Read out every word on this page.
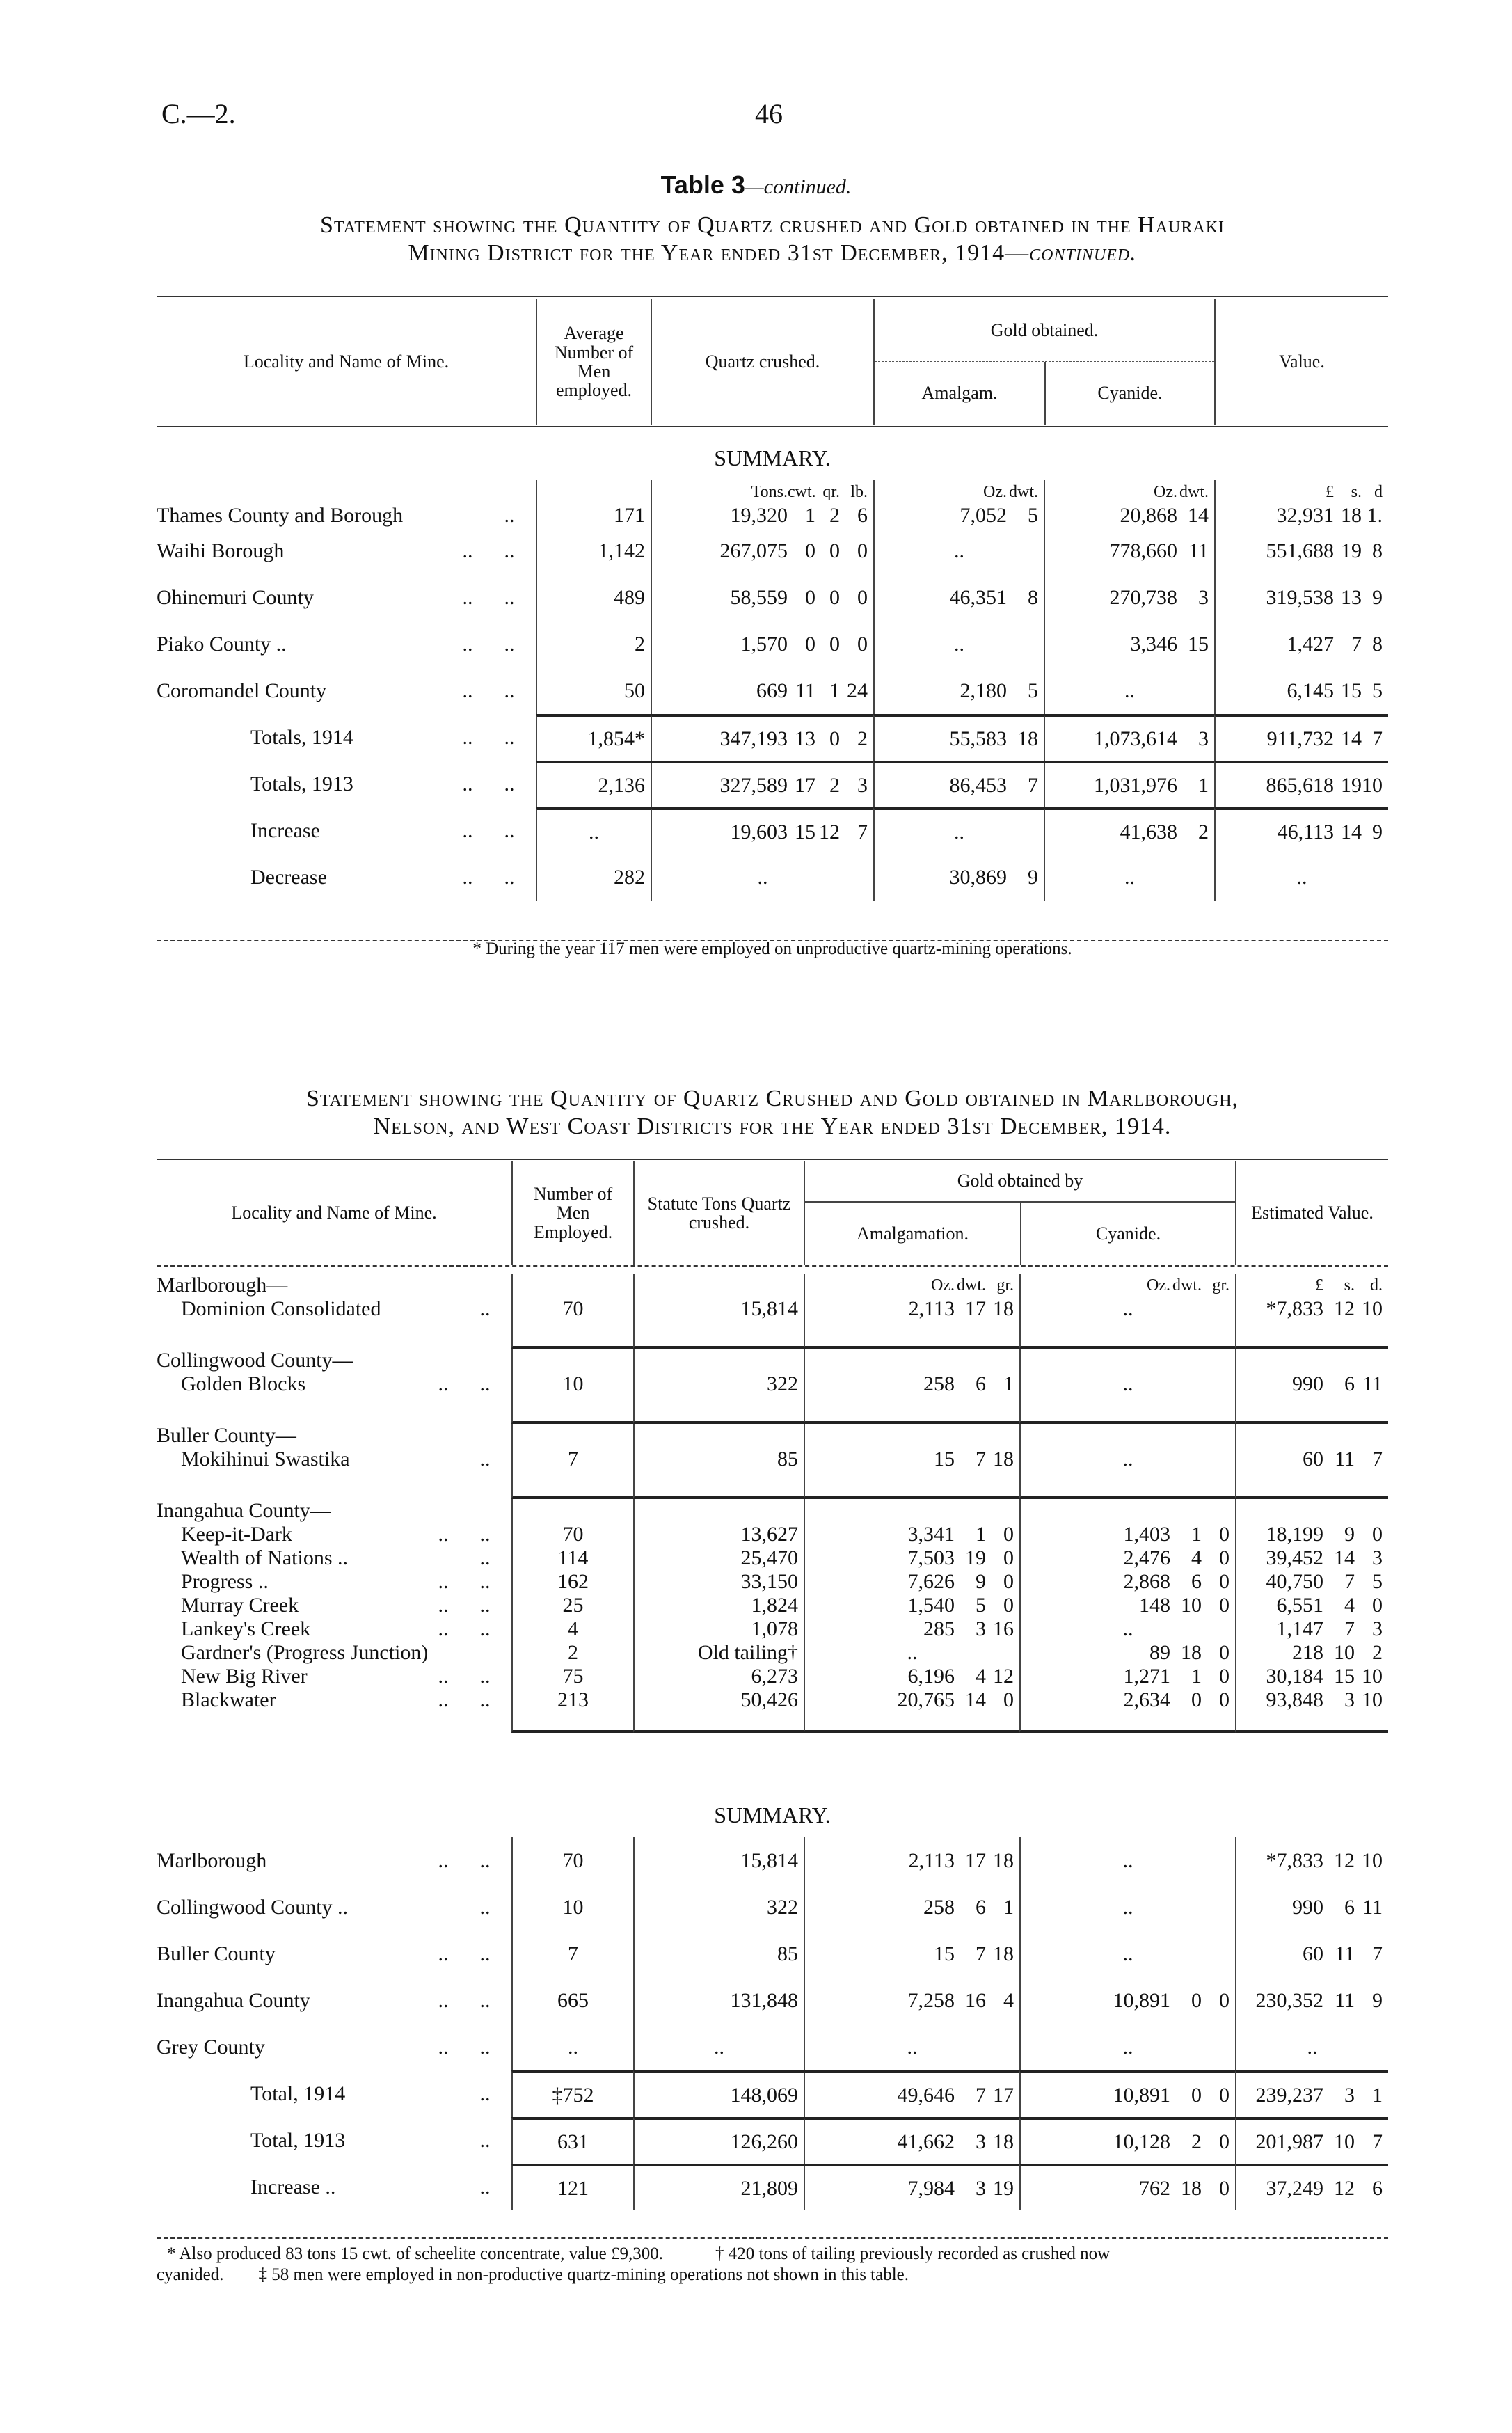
C.—2.	46
Table 3—continued.
Statement showing the Quantity of Quartz crushed and Gold obtained in the Hauraki
Mining District for the Year ended 31st December, 1914—continued.
Locality and Name of Mine.
Average Number of Men employed.
Quartz crushed.
Gold obtained.
Amalgam.	Cyanide.
Value.
SUMMARY.
Tons. cwt. qr. lb.	Oz. dwt.	Oz. dwt.	£	s. d
Thames County and Borough	..	171	19,320 1 2 6	7,052	5	20,868 14	32,931 18 1.
Waihi Borough	..	..	1,142	267,075 0 0 0	..	778,660 11	551,688 19 8
Ohinemuri County	..	..	489	58,559 0 0 0	46,351	8	270,738	3	319,538 13 9
Piako County ..	..	..	2	1,570 0 0 0	..	3,346 15	1,427 7 8
Coromandel County	..	..	50	669 11 1 24	2,180	5	..	6,145 15 5
Totals, 1914	..	..	1,854*	347,193 13 0 2	55,583 18	1,073,614	3	911,732 14 7
Totals, 1913	..	..	2,136	327,589 17 2 3	86,453	7	1,031,976	1	865,618 19 10
Increase	..	..	..	19,603 15 12 7	..	41,638	2	46,113 14 9
Decrease	..	..	282	..	30,869	9	..	..
* During the year 117 men were employed on unproductive quartz-mining operations.
Statement showing the Quantity of Quartz Crushed and Gold obtained in Marlborough,
Nelson, and West Coast Districts for the Year ended 31st December, 1914.
Locality and Name of Mine.
Number of Men Employed.
Statute Tons Quartz crushed.
Gold obtained by
Amalgamation.	Cyanide.
Estimated Value.
Marlborough—	Oz. dwt. gr.	Oz. dwt. gr.	£	s. d.
Dominion Consolidated	..	70	15,814	2,113 17 18	..	*7,833 12 10
Collingwood County—
Golden Blocks	..	..	10	322	258	6 1	..	990	6 11
Buller County—
Mokihinui Swastika	..	7	85	15	7 18	..	60 11 7
Inangahua County—
Keep-it-Dark	..	..	70	13,627	3,341	1 0	1,403	1 0	18,199	9 0
Wealth of Nations ..	..	114	25,470	7,503 19 0	2,476	4 0	39,452 14 3
Progress ..	..	..	162	33,150	7,626	9 0	2,868	6 0	40,750	7 5
Murray Creek	..	..	25	1,824	1,540	5 0	148 10 0	6,551	4 0
Lankey's Creek	..	..	4	1,078	285	3 16	..	1,147	7 3
Gardner's (Progress Junction)	2	Old tailing†	..	89 18 0	218 10 2
New Big River	..	..	75	6,273	6,196	4 12	1,271	1 0	30,184 15 10
Blackwater	..	..	213	50,426	20,765 14 0	2,634	0 0	93,848	3 10
SUMMARY.
Marlborough	..	..	70	15,814	2,113 17 18	..	*7,833 12 10
Collingwood County ..	..	10	322	258	6 1	..	990	6 11
Buller County	..	..	7	85	15	7 18	..	60 11 7
Inangahua County	..	..	665	131,848	7,258 16 4	10,891	0 0	230,352 11 9
Grey County	..	..	..	..	..	..	..
Total, 1914	..	‡752	148,069	49,646	7 17	10,891	0 0	239,237	3 1
Total, 1913	..	631	126,260	41,662	3 18	10,128	2 0	201,987 10 7
Increase ..	..	121	21,809	7,984	3 19	762 18 0	37,249 12 6
* Also produced 83 tons 15 cwt. of scheelite concentrate, value £9,300.            † 420 tons of tailing previously recorded as crushed now
cyanided.        ‡ 58 men were employed in non-productive quartz-mining operations not shown in this table.
